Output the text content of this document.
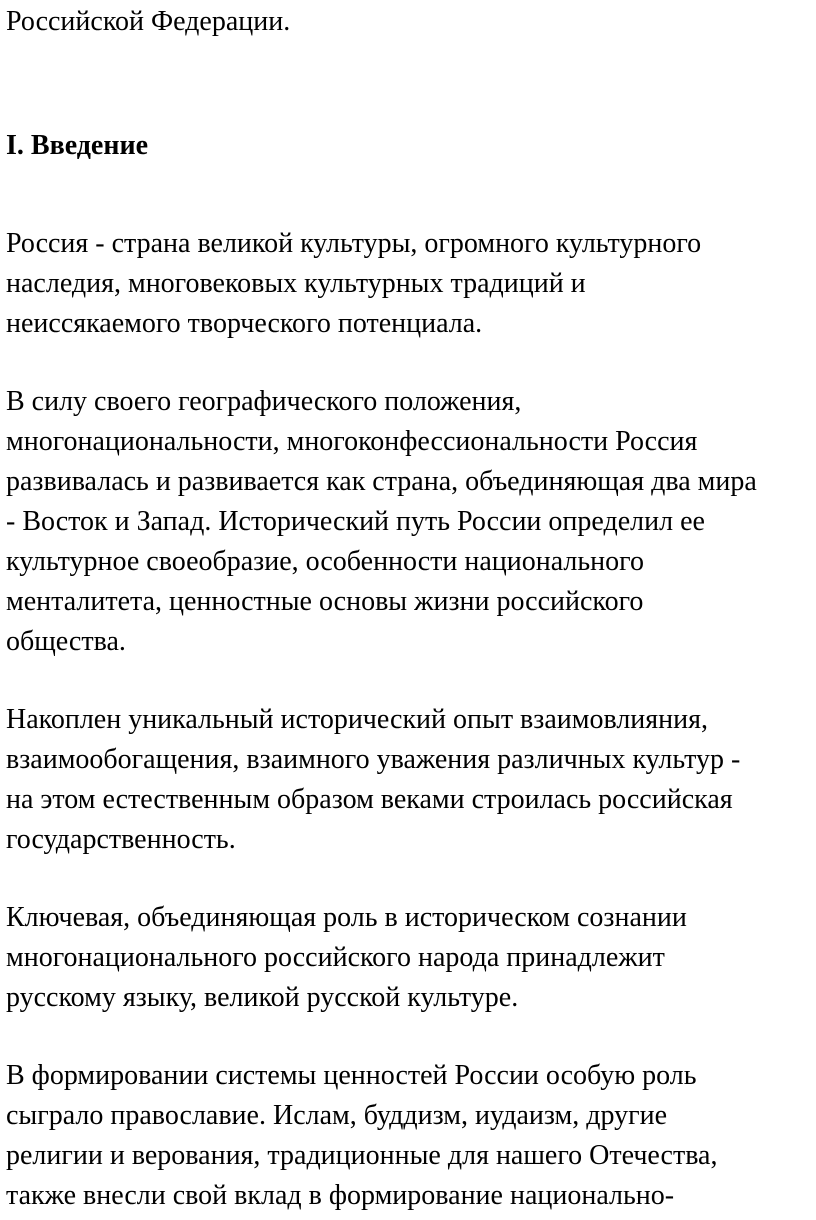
Российской Федерации.

I. Введение

Россия - страна великой культуры, огромного культурного

наследия, многовековых культурных традиций и

неиссякаемого творческого потенциала.

В силу своего географического положения,

многонациональности, многоконфессиональности Россия

развивалась и развивается как страна, объединяющая два мира

- Восток и Запад. Исторический путь России определил ее

культурное своеобразие, особенности национального

менталитета, ценностные основы жизни российского

общества.

Накоплен уникальный исторический опыт взаимовлияния,

взаимообогащения, взаимного уважения различных культур -

на этом естественным образом веками строилась российская

государственность.

Ключевая, объединяющая роль в историческом сознании

многонационального российского народа принадлежит

русскому языку, великой русской культуре.

В формировании системы ценностей России особую роль

сыграло православие. Ислам, буддизм, иудаизм, другие

религии и верования, традиционные для нашего Отечества,

также внесли свой вклад в формирование национально-
